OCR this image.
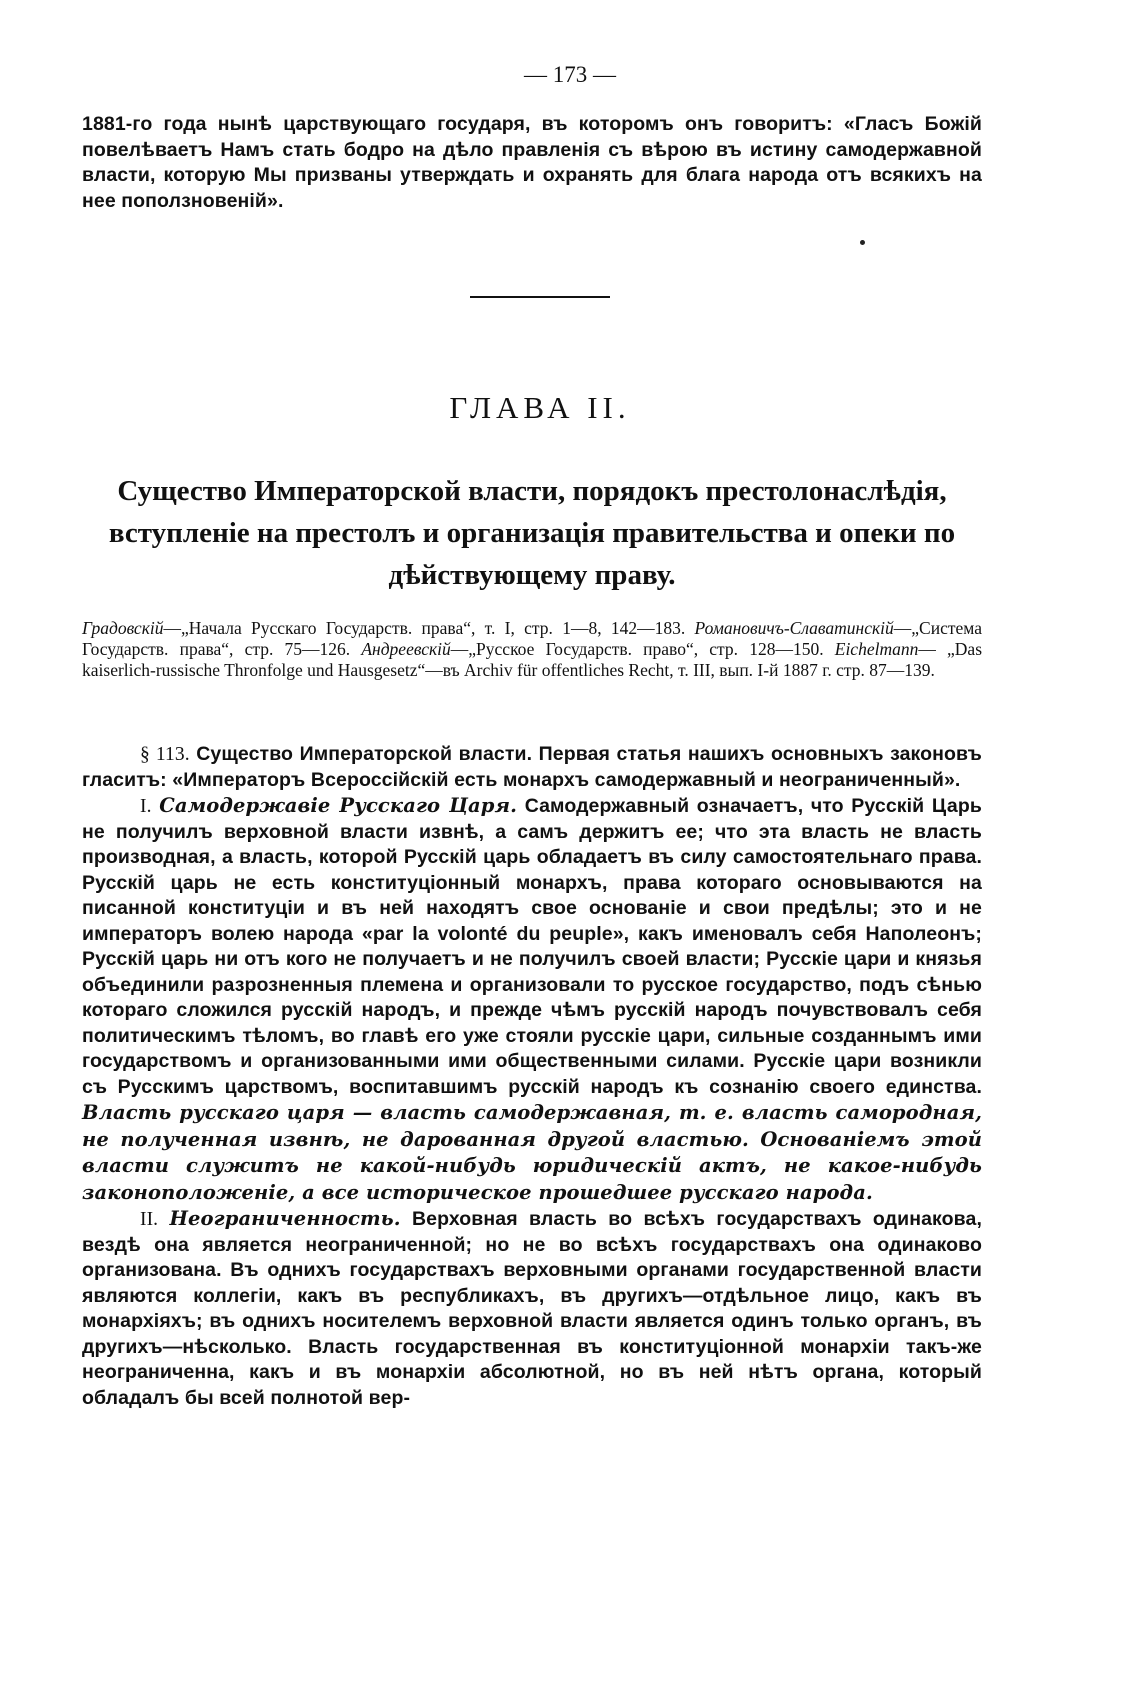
— 173 —
1881-го года нынѣ царствующаго государя, въ которомъ онъ говоритъ: «Гласъ Божiй повелѣваетъ Намъ стать бодро на дѣло правленiя съ вѣрою въ истину самодержавной власти, которую Мы призваны утверждать и охранять для блага народа отъ всякихъ на нее поползновенiй».
ГЛАВА II.
Существо Императорской власти, порядокъ престолонаслѣдiя, вступленiе на престолъ и организацiя правительства и опеки по дѣйствующему праву.
Градовскiй—„Начала Русскаго Государств. права“, т. I, стр. 1—8, 142—183. Романовичъ-Славатинскiй—„Система Государств. права“, стр. 75—126. Андреевскiй—„Русское Государств. право“, стр. 128—150. Eichelmann— „Das kaiserlich-russische Thronfolge und Hausgesetz“—въ Archiv für offentliches Recht, т. III, вып. I-й 1887 г. стр. 87—139.

§ 113. Существо Императорской власти. Первая статья нашихъ основныхъ законовъ гласитъ: «Императоръ Всероссiйскiй есть монархъ самодержавный и неограниченный».

I. Самодержавiе Русскаго Царя. Самодержавный означаетъ, что Русскiй Царь не получилъ верховной власти извнѣ, а самъ держитъ ее; что эта власть не власть производная, а власть, которой Русскiй царь обладаетъ въ силу самостоятельнаго права. Русскiй царь не есть конституцiонный монархъ, права котораго основываются на писанной конституцiи и въ ней находятъ свое основанiе и свои предѣлы; это и не императоръ волею народа «par la volonté du peuple», какъ именовалъ себя Наполеонъ; Русскiй царь ни отъ кого не получаетъ и не получилъ своей власти; Русскiе цари и князья объединили разрозненныя племена и организовали то русское государство, подъ сѣнью котораго сложился русскiй народъ, и прежде чѣмъ русскiй народъ почувствовалъ себя политическимъ тѣломъ, во главѣ его уже стояли русскiе цари, сильные созданнымъ ими государствомъ и организованными ими общественными силами. Русскiе цари возникли съ Русскимъ царствомъ, воспитавшимъ русскiй народъ къ сознанiю своего единства. Власть русскаго царя — власть самодержавная, т. е. власть самородная, не полученная извнѣ, не дарованная другой властью. Основанiемъ этой власти служитъ не какой-нибудь юридическiй актъ, не какое-нибудь законоположенiе, а все историческое прошедшее русскаго народа.

II. Неограниченность. Верховная власть во всѣхъ государствахъ одинакова, вездѣ она является неограниченной; но не во всѣхъ государствахъ она одинаково организована. Въ однихъ государствахъ верховными органами государственной власти являются коллегiи, какъ въ республикахъ, въ другихъ—отдѣльное лицо, какъ въ монархiяхъ; въ однихъ носителемъ верховной власти является одинъ только органъ, въ другихъ—нѣсколько. Власть государственная въ конституцiонной монархiи такъ-же неограниченна, какъ и въ монархiи абсолютной, но въ ней нѣтъ органа, который обладалъ бы всей полнотой вер-
